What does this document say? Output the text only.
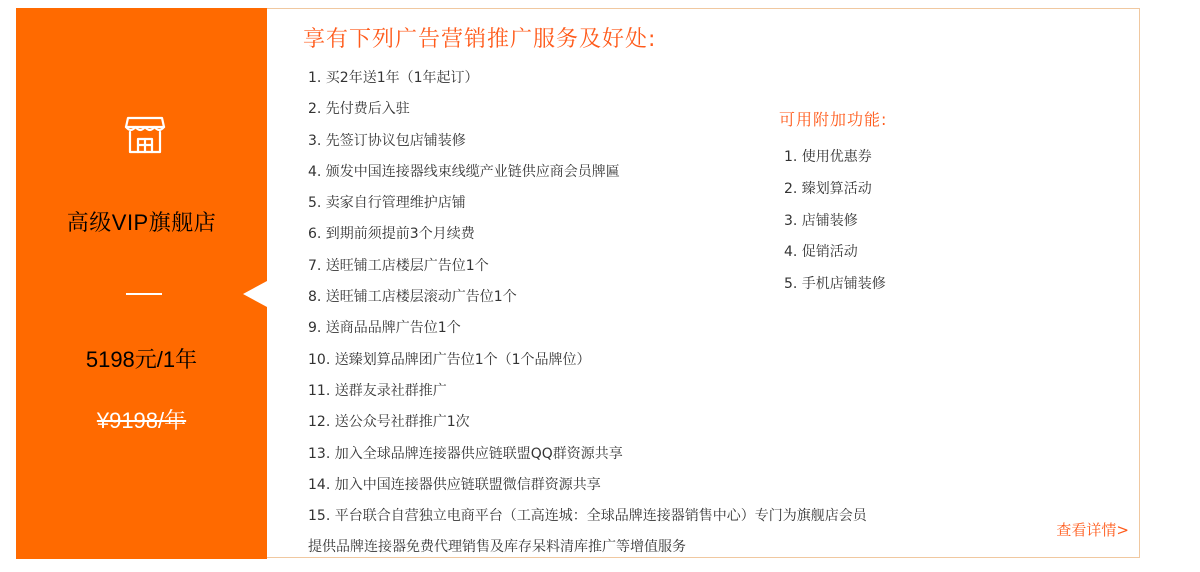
高级VIP旗舰店
5198元/1年
¥9198/年
享有下列广告营销推广服务及好处:
1. 买2年送1年（1年起订）
2. 先付费后入驻
3. 先签订协议包店铺装修
4. 颁发中国连接器线束线缆产业链供应商会员牌匾
5. 卖家自行管理维护店铺
6. 到期前须提前3个月续费
7. 送旺铺工店楼层广告位1个
8. 送旺铺工店楼层滚动广告位1个
9. 送商品品牌广告位1个
10. 送臻划算品牌团广告位1个（1个品牌位）
11. 送群友录社群推广
12. 送公众号社群推广1次
13. 加入全球品牌连接器供应链联盟QQ群资源共享
14. 加入中国连接器供应链联盟微信群资源共享
15. 平台联合自营独立电商平台（工高连城：全球品牌连接器销售中心）专门为旗舰店会员
提供品牌连接器免费代理销售及库存呆料清库推广等增值服务
可用附加功能:
1. 使用优惠券
2. 臻划算活动
3. 店铺装修
4. 促销活动
5. 手机店铺装修
查看详情>
